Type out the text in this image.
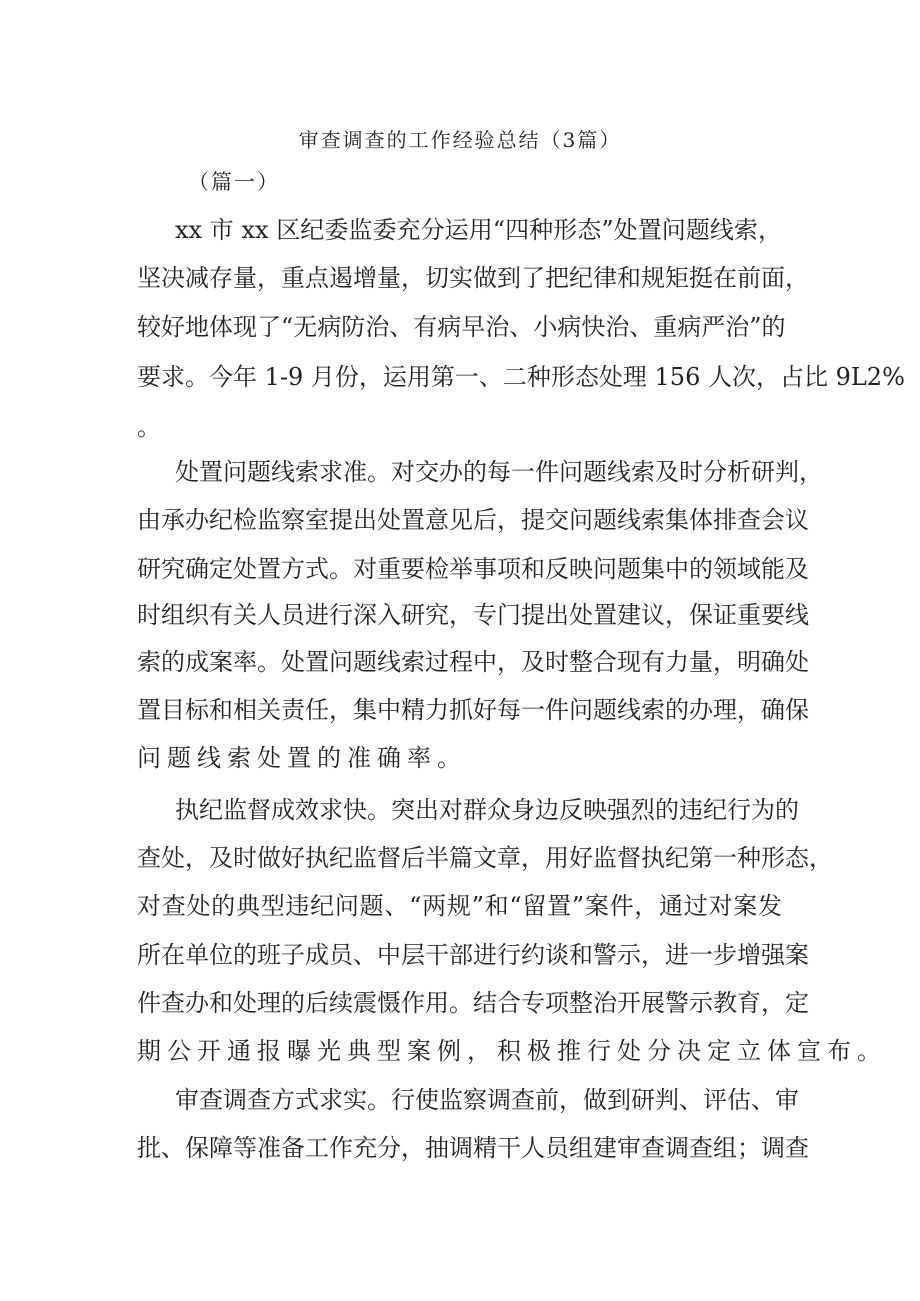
审查调查的工作经验总结（3篇）
（篇一）
xx 市 xx 区纪委监委充分运用“四种形态”处置问题线索，
坚决减存量，重点遏增量，切实做到了把纪律和规矩挺在前面，
较好地体现了“无病防治、有病早治、小病快治、重病严治”的
要求。今年 1-9 月份，运用第一、二种形态处理 156 人次，占比 9L2%
。
处置问题线索求准。对交办的每一件问题线索及时分析研判，
由承办纪检监察室提出处置意见后，提交问题线索集体排查会议
研究确定处置方式。对重要检举事项和反映问题集中的领域能及
时组织有关人员进行深入研究，专门提出处置建议，保证重要线
索的成案率。处置问题线索过程中，及时整合现有力量，明确处
置目标和相关责任，集中精力抓好每一件问题线索的办理，确保
问题线索处置的准确率。
执纪监督成效求快。突出对群众身边反映强烈的违纪行为的
查处，及时做好执纪监督后半篇文章，用好监督执纪第一种形态，
对查处的典型违纪问题、“两规”和“留置”案件，通过对案发
所在单位的班子成员、中层干部进行约谈和警示，进一步增强案
件查办和处理的后续震慑作用。结合专项整治开展警示教育，定
期公开通报曝光典型案例，积极推行处分决定立体宣布。
审查调查方式求实。行使监察调查前，做到研判、评估、审
批、保障等准备工作充分，抽调精干人员组建审查调查组；调查
